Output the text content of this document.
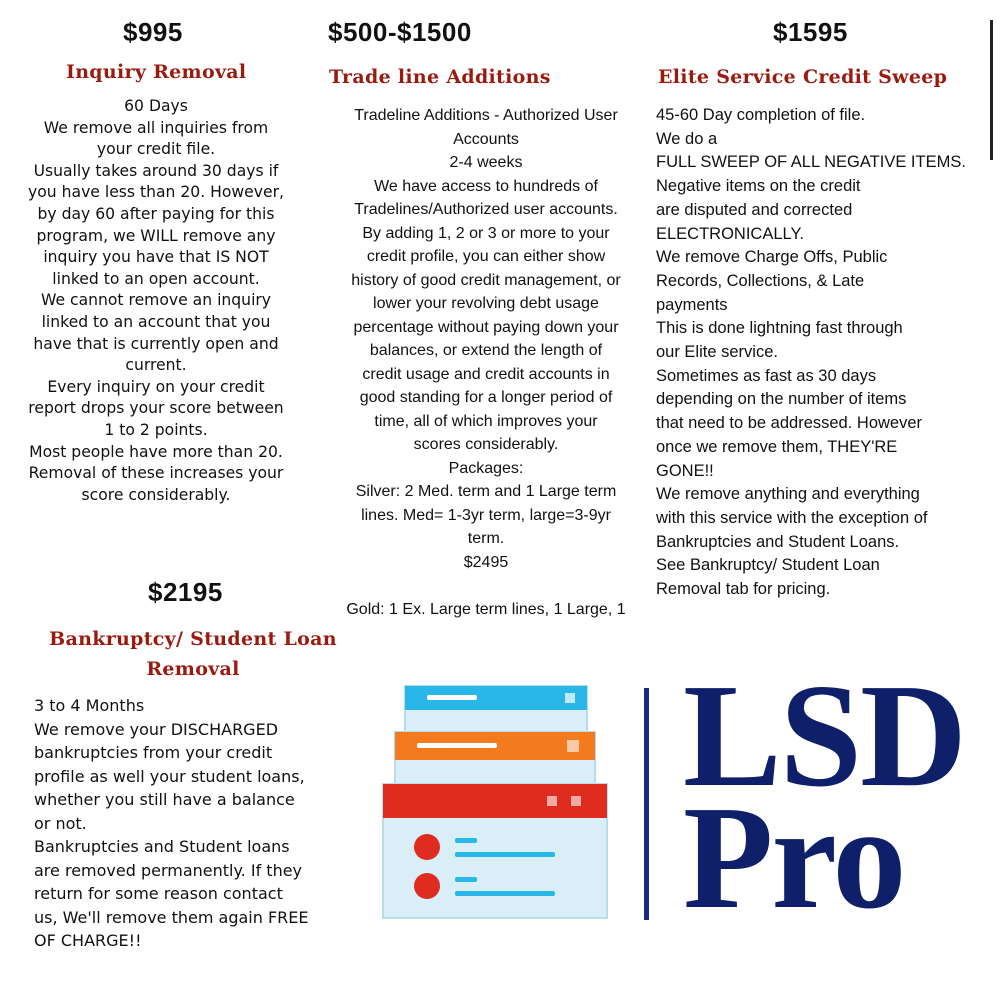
$995
Inquiry Removal
60 Days
We remove all inquiries from
your credit file.
Usually takes around 30 days if
you have less than 20. However,
by day 60 after paying for this
program, we WILL remove any
inquiry you have that IS NOT
linked to an open account.
We cannot remove an inquiry
linked to an account that you
have that is currently open and
current.
Every inquiry on your credit
report drops your score between
1 to 2 points.
Most people have more than 20.
Removal of these increases your
score considerably.
$500-$1500
Trade line Additions
Tradeline Additions - Authorized User
Accounts
2-4 weeks
We have access to hundreds of
Tradelines/Authorized user accounts.
By adding 1, 2 or 3 or more to your
credit profile, you can either show
history of good credit management, or
lower your revolving debt usage
percentage without paying down your
balances, or extend the length of
credit usage and credit accounts in
good standing for a longer period of
time, all of which improves your
scores considerably.
Packages:
Silver: 2 Med. term and 1 Large term
lines. Med= 1-3yr term, large=3-9yr
term.
$2495

Gold: 1 Ex. Large term lines, 1 Large, 1
$1595
Elite Service Credit Sweep
45-60 Day completion of file.
We do a
FULL SWEEP OF ALL NEGATIVE ITEMS.
Negative items on the credit
are disputed and corrected
ELECTRONICALLY.
We remove Charge Offs, Public
Records, Collections, & Late
payments
This is done lightning fast through
our Elite service.
Sometimes as fast as 30 days
depending on the number of items
that need to be addressed. However
once we remove them, THEY'RE
GONE!!
We remove anything and everything
with this service with the exception of
Bankruptcies and Student Loans.
See Bankruptcy/ Student Loan
Removal tab for pricing.
$2195
Bankruptcy/ Student Loan
Removal
3 to 4 Months
We remove your DISCHARGED
bankruptcies from your credit
profile as well your student loans,
whether you still have a balance
or not.
Bankruptcies and Student loans
are removed permanently. If they
return for some reason contact
us, We'll remove them again FREE
OF CHARGE!!
LSD
Pro
